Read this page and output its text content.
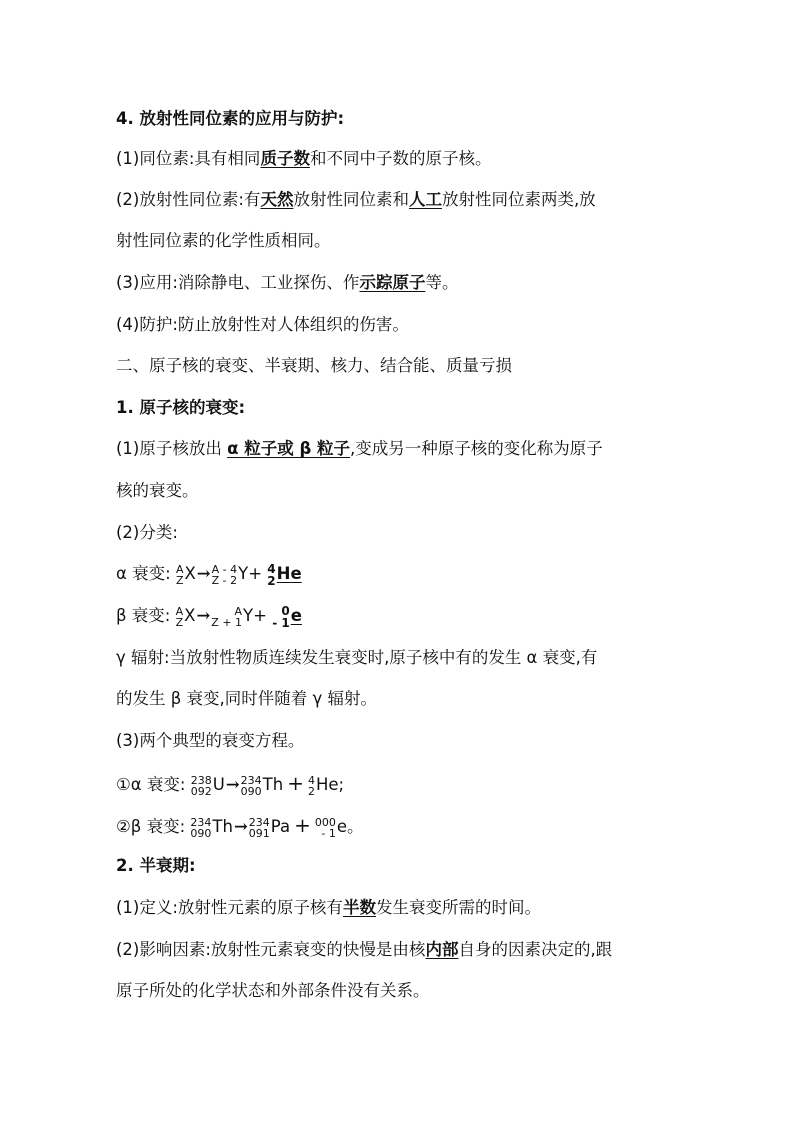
4. 放射性同位素的应用与防护:
(1)同位素:具有相同质子数和不同中子数的原子核。
(2)放射性同位素:有天然放射性同位素和人工放射性同位素两类,放
射性同位素的化学性质相同。
(3)应用:消除静电、工业探伤、作示踪原子等。
(4)防护:防止放射性对人体组织的伤害。
二、原子核的衰变、半衰期、核力、结合能、质量亏损
1. 原子核的衰变:
(1)原子核放出 α 粒子或 β 粒子,变成另一种原子核的变化称为原子
核的衰变。
(2)分类:
α 衰变: A
Z X→ A - 4
Z - 2 Y+ 4
2 He
β 衰变: A
Z X→	A
Z + 1 Y+	0
- 1 e
γ 辐射:当放射性物质连续发生衰变时,原子核中有的发生 α 衰变,有
的发生 β 衰变,同时伴随着 γ 辐射。
(3)两个典型的衰变方程。
①α 衰变: 238
092 U→ 234
090 Th + 4
2 He;
②β 衰变: 234
090 Th→ 234
091 Pa + 000
- 1 e。
2. 半衰期:
(1)定义:放射性元素的原子核有半数发生衰变所需的时间。
(2)影响因素:放射性元素衰变的快慢是由核内部自身的因素决定的,跟
原子所处的化学状态和外部条件没有关系。
